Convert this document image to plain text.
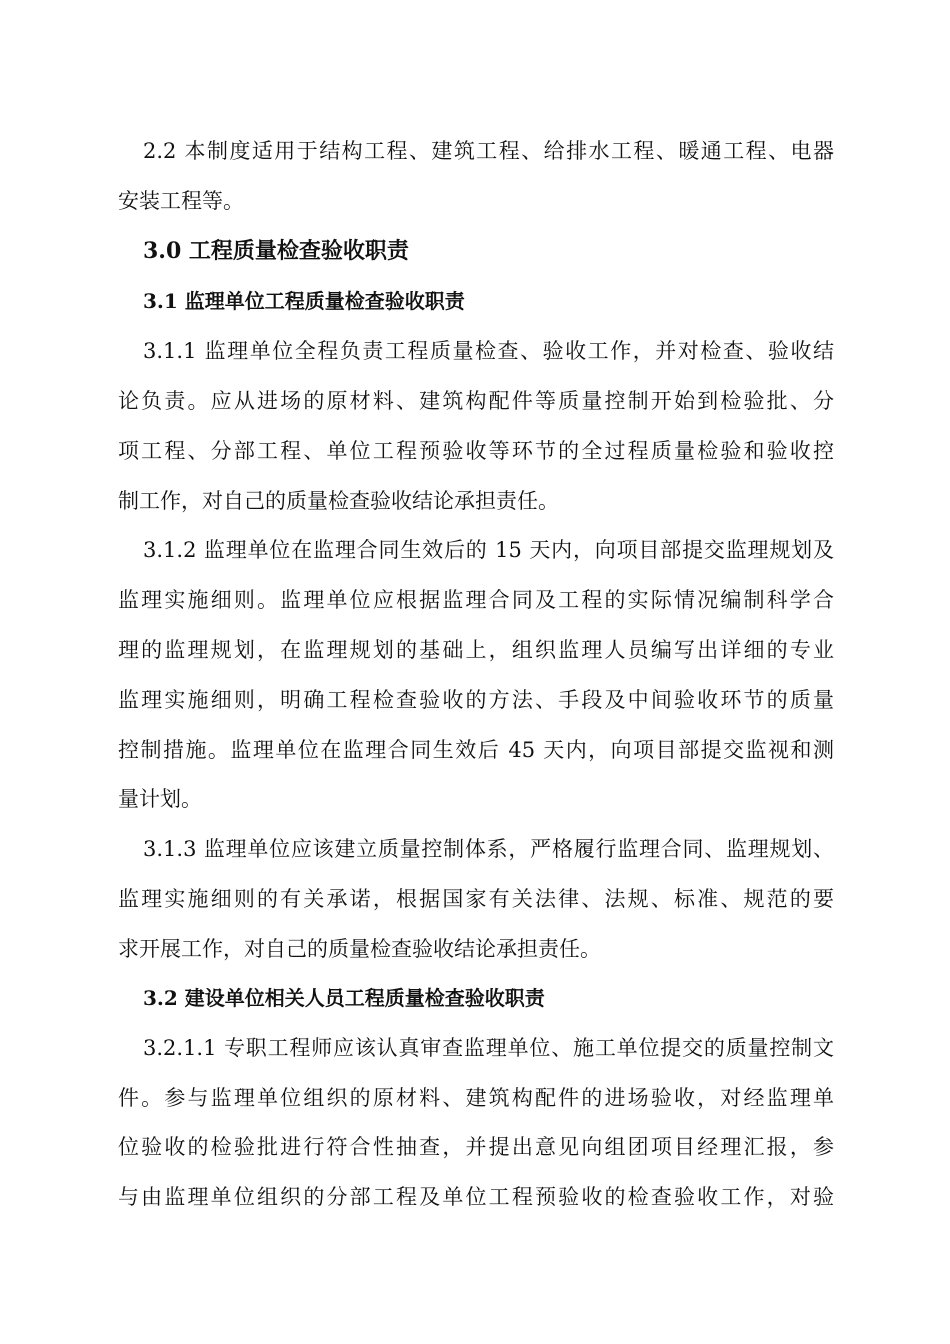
2.2 本制度适用于结构工程、建筑工程、给排水工程、暖通工程、电器
安装工程等。
3.0 工程质量检查验收职责
3.1 监理单位工程质量检查验收职责
3.1.1 监理单位全程负责工程质量检查、验收工作，并对检查、验收结
论负责。应从进场的原材料、建筑构配件等质量控制开始到检验批、分
项工程、分部工程、单位工程预验收等环节的全过程质量检验和验收控
制工作，对自己的质量检查验收结论承担责任。
3.1.2 监理单位在监理合同生效后的 15 天内，向项目部提交监理规划及
监理实施细则。监理单位应根据监理合同及工程的实际情况编制科学合
理的监理规划，在监理规划的基础上，组织监理人员编写出详细的专业
监理实施细则，明确工程检查验收的方法、手段及中间验收环节的质量
控制措施。监理单位在监理合同生效后 45 天内，向项目部提交监视和测
量计划。
3.1.3 监理单位应该建立质量控制体系，严格履行监理合同、监理规划、
监理实施细则的有关承诺，根据国家有关法律、法规、标准、规范的要
求开展工作，对自己的质量检查验收结论承担责任。
3.2 建设单位相关人员工程质量检查验收职责
3.2.1.1 专职工程师应该认真审查监理单位、施工单位提交的质量控制文
件。参与监理单位组织的原材料、建筑构配件的进场验收，对经监理单
位验收的检验批进行符合性抽查，并提出意见向组团项目经理汇报，参
与由监理单位组织的分部工程及单位工程预验收的检查验收工作，对验
